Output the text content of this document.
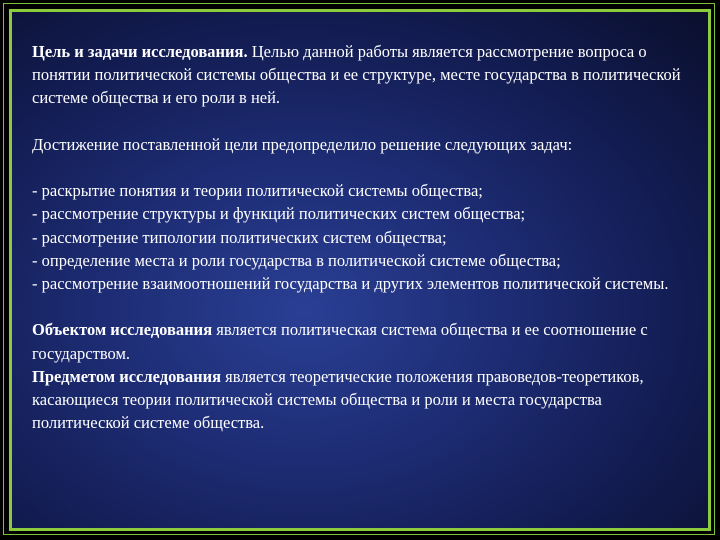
Цель и задачи исследования. Целью данной работы является рассмотрение вопроса о понятии политической системы общества и ее структуре, месте государства в политической системе общества и его роли в ней.

Достижение поставленной цели предопределило решение следующих задач:

- раскрытие понятия и теории политической системы общества;

- рассмотрение структуры и функций политических систем общества;

- рассмотрение типологии политических систем общества;

- определение места и роли государства в политической системе общества;

- рассмотрение взаимоотношений государства и других элементов политической системы.

Объектом исследования является политическая система общества и ее соотношение с государством.

Предметом исследования является теоретические положения правоведов-теоретиков, касающиеся теории политической системы общества и роли и места государства политической системе общества.
